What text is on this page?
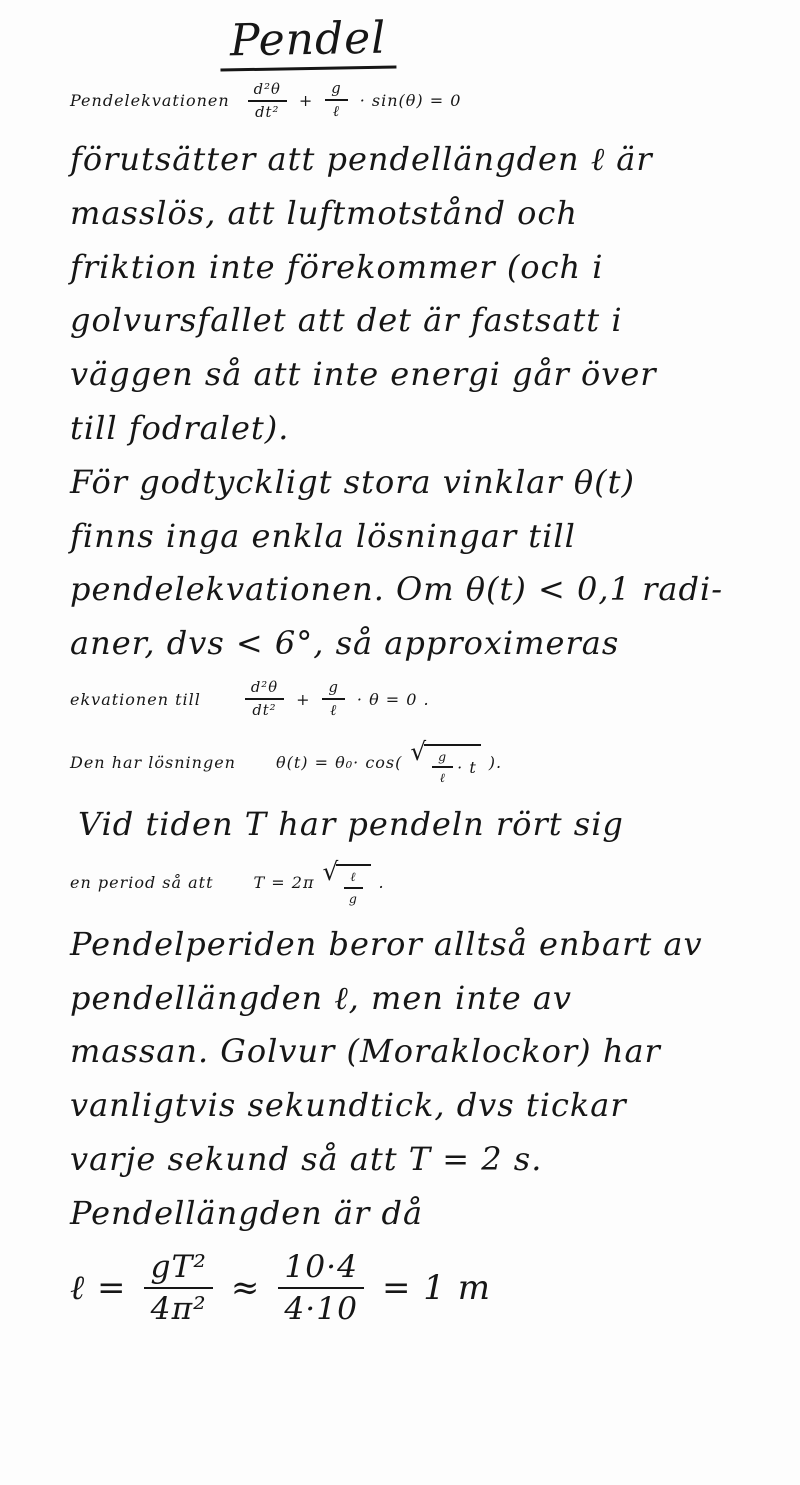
Pendel
Pendelekvationen $\frac{\text{d²θ}}{\text{dt²}} + \frac{g}{\text{ℓ}} \cdot \sin(\theta) = 0$
förutsätter att pendellängden ℓ är
masslös, att luftmotstånd och
friktion inte förekommer (och i
golvursfallet att det är fastsatt i
väggen så att inte energi går över
till fodralet).
För godtyckligt stora vinklar θ(t)
finns inga enkla lösningar till
pendelekvationen. Om θ(t) < 0,1 radi-
aner, dvs < 6°, så approximeras
ekvationen till	$\frac{\text{d²θ}}{\text{dt²}} + \frac{g}{\text{ℓ}} \cdot \theta = 0$ .
Den har lösningen	θ(t) = θ₀· cos( √ $\frac{g}{\text{ℓ}} \cdot t$ ).
Vid tiden T har pendeln rört sig
en period så att	T = 2π √ $\frac{\text{ℓ}}{g}$ .
Pendelperiden beror alltså enbart av
pendellängden ℓ, men inte av
massan. Golvur (Moraklockor) har
vanligtvis sekundtick, dvs tickar
varje sekund så att T = 2 s.
Pendellängden är då
ℓ = $\frac{\text{gT²}}{\text{4π²}} \approx \frac{10\cdot 4}{4\cdot 10} = 1$ m
